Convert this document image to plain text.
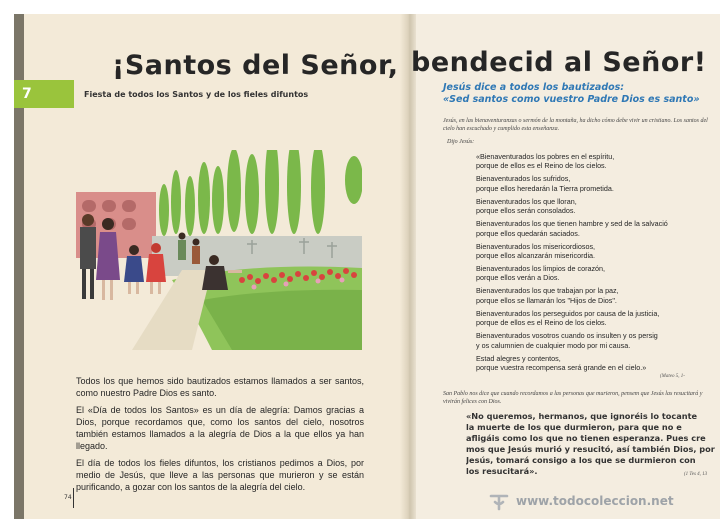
¡Santos del Señor, bendecid al Señor!
7	Fiesta de todos los Santos y de los fieles difuntos

Todos los que hemos sido bautizados estamos llamados a ser santos, como nuestro Padre Dios es santo.

El «Día de todos los Santos» es un día de alegría: Damos gracias a Dios, porque recordamos que, como los santos del cielo, nosotros también estamos llamados a la alegría de Dios a la que ellos ya han llegado.

El día de todos los fieles difuntos, los cristianos pedimos a Dios, por medio de Jesús, que lleve a las personas que murieron y se están purificando, a gozar con los santos de la alegría del cielo.

74
Jesús dice a todos los bautizados:
«Sed santos como vuestro Padre Dios es santo»
Jesús, en las bienaventuranzas o sermón de la montaña, ha dicho cómo debe vivir un cristiano. Los santos del cielo han escuchado y cumplido esta enseñanza.
Dijo Jesús:
«Bienaventurados los pobres en el espíritu,
porque de ellos es el Reino de los cielos.
Bienaventurados los sufridos,
porque ellos heredarán la Tierra prometida.
Bienaventurados los que lloran,
porque ellos serán consolados.
Bienaventurados los que tienen hambre y sed de la salvació
porque ellos quedarán saciados.
Bienaventurados los misericordiosos,
porque ellos alcanzarán misericordia.
Bienaventurados los limpios de corazón,
porque ellos verán a Dios.
Bienaventurados los que trabajan por la paz,
porque ellos se llamarán los "Hijos de Dios".
Bienaventurados los perseguidos por causa de la justicia,
porque de ellos es el Reino de los cielos.
Bienaventurados vosotros cuando os insulten y os persig
y os calumnien de cualquier modo por mi causa.
Estad alegres y contentos,
porque vuestra recompensa será grande en el cielo.»
(Mateo 5, 1-
San Pablo nos dice que cuando recordamos a las personas que murieron, pensem que Jesús las resucitará y vivirán felices con Dios.
«No queremos, hermanos, que ignoréis lo tocante
la muerte de los que durmieron, para que no e
afligáis como los que no tienen esperanza. Pues cre
mos que Jesús murió y resucitó, así también Dios, por
Jesús, tomará consigo a los que se durmieron con
los resucitará».	(1 Tes 4, 13
www.todocoleccion.net
